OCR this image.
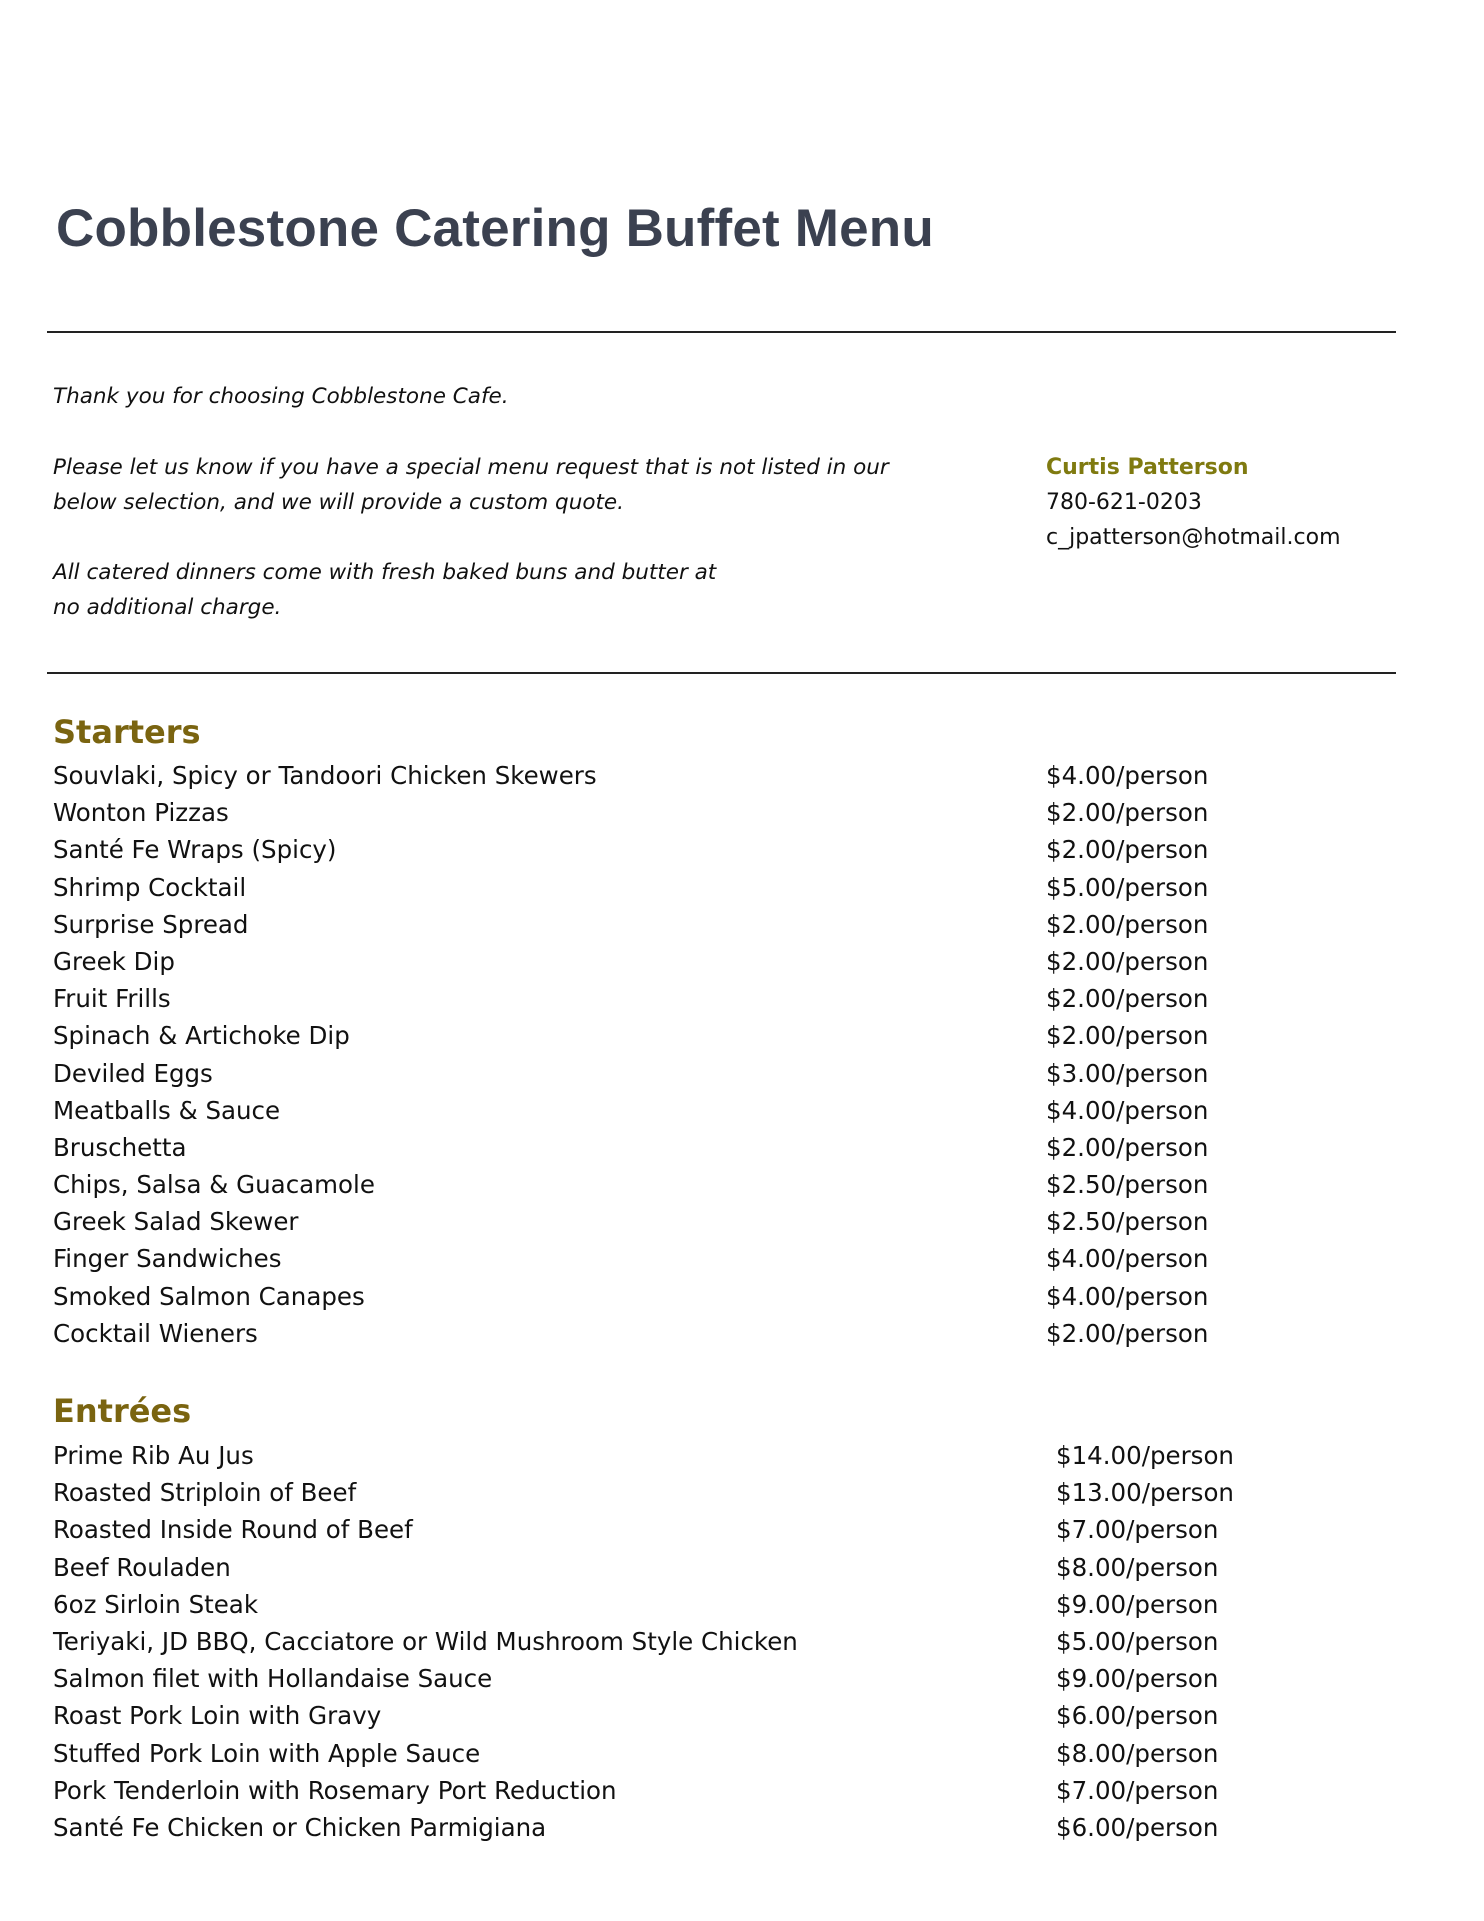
Cobblestone Catering Buffet Menu
Thank you for choosing Cobblestone Cafe.
Please let us know if you have a special menu request that is not listed in our
below selection, and we will provide a custom quote.
All catered dinners come with fresh baked buns and butter at
no additional charge.
Curtis Patterson
780-621-0203
c_jpatterson@hotmail.com
Starters
Souvlaki, Spicy or Tandoori Chicken Skewers	$4.00/person
Wonton Pizzas	$2.00/person
Santé Fe Wraps (Spicy)	$2.00/person
Shrimp Cocktail	$5.00/person
Surprise Spread	$2.00/person
Greek Dip	$2.00/person
Fruit Frills	$2.00/person
Spinach & Artichoke Dip	$2.00/person
Deviled Eggs	$3.00/person
Meatballs & Sauce	$4.00/person
Bruschetta	$2.00/person
Chips, Salsa & Guacamole	$2.50/person
Greek Salad Skewer	$2.50/person
Finger Sandwiches	$4.00/person
Smoked Salmon Canapes	$4.00/person
Cocktail Wieners	$2.00/person
Entrées
Prime Rib Au Jus	$14.00/person
Roasted Striploin of Beef	$13.00/person
Roasted Inside Round of Beef	$7.00/person
Beef Rouladen	$8.00/person
6oz Sirloin Steak	$9.00/person
Teriyaki, JD BBQ, Cacciatore or Wild Mushroom Style Chicken	$5.00/person
Salmon filet with Hollandaise Sauce	$9.00/person
Roast Pork Loin with Gravy	$6.00/person
Stuffed Pork Loin with Apple Sauce	$8.00/person
Pork Tenderloin with Rosemary Port Reduction	$7.00/person
Santé Fe Chicken or Chicken Parmigiana	$6.00/person
